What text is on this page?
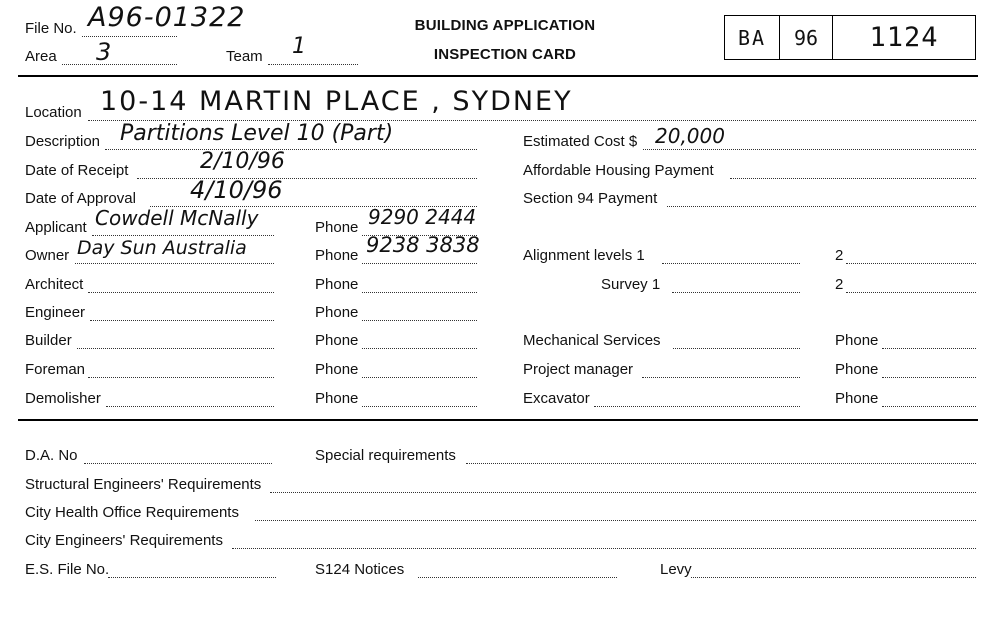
File No. A96-01322
Area 3	Team 1
BUILDING APPLICATION
INSPECTION CARD
BA	96	1124
Location 10-14 MARTIN PLACE , SYDNEY
Description Partitions Level 10 (Part)	Estimated Cost $ 20,000
Date of Receipt	2/10/96	Affordable Housing Payment
Date of Approval 4/10/96	Section 94 Payment
Applicant Cowdell McNally	Phone 9290 2444
Owner Day Sun Australia	Phone 9238 3838	Alignment levels 1	2
Architect	Phone	Survey 1	2
Engineer	Phone
Builder	Phone	Mechanical Services	Phone
Foreman	Phone	Project manager	Phone
Demolisher	Phone	Excavator	Phone
D.A. No	Special requirements
Structural Engineers' Requirements
City Health Office Requirements
City Engineers' Requirements
E.S. File No.	S124 Notices	Levy
